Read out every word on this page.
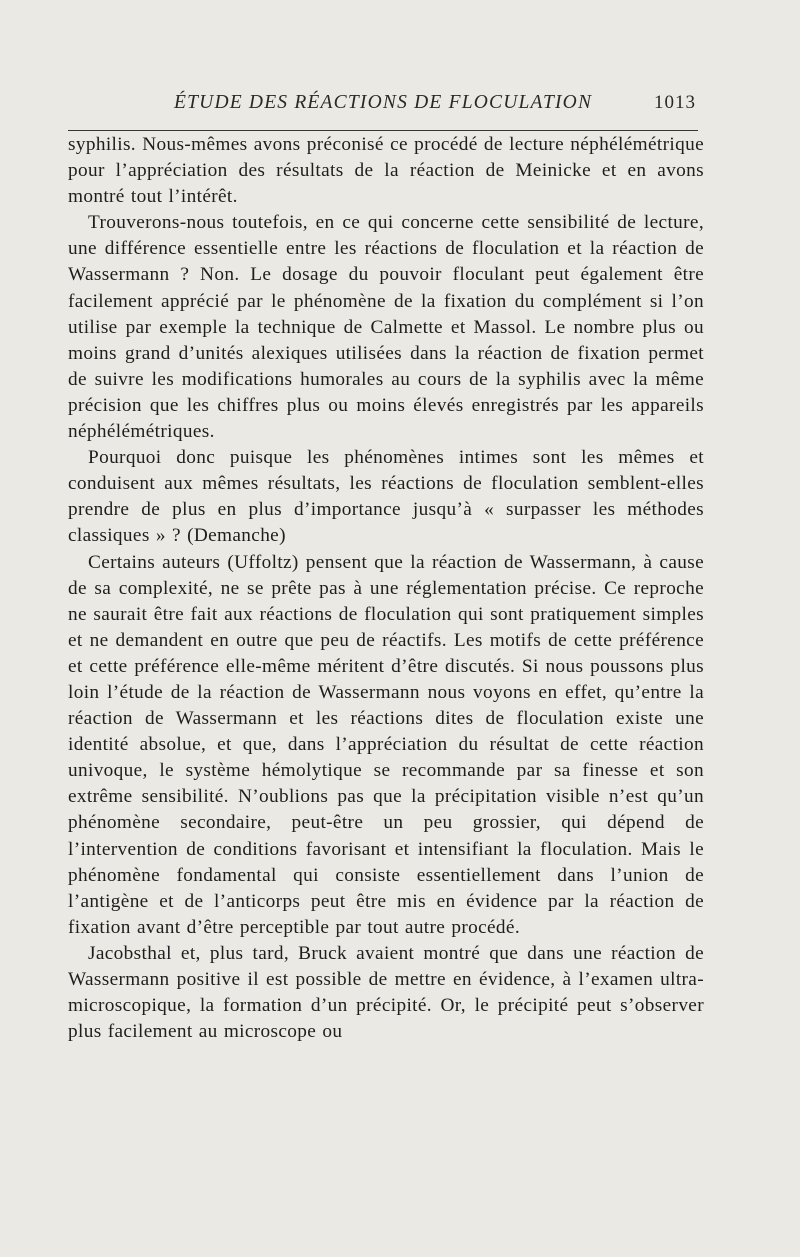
ÉTUDE DES RÉACTIONS DE FLOCULATION	1013

syphilis. Nous-mêmes avons préconisé ce procédé de lecture néphélémétrique pour l’appréciation des résultats de la réaction de Meinicke et en avons montré tout l’intérêt.

Trouverons-nous toutefois, en ce qui concerne cette sensibilité de lecture, une différence essentielle entre les réactions de floculation et la réaction de Wassermann ? Non. Le dosage du pouvoir floculant peut également être facilement apprécié par le phénomène de la fixation du complément si l’on utilise par exemple la technique de Calmette et Massol. Le nombre plus ou moins grand d’unités alexiques utilisées dans la réaction de fixation permet de suivre les modifications humorales au cours de la syphilis avec la même précision que les chiffres plus ou moins élevés enregistrés par les appareils néphélémétriques.

Pourquoi donc puisque les phénomènes intimes sont les mêmes et conduisent aux mêmes résultats, les réactions de floculation semblent-elles prendre de plus en plus d’importance jusqu’à « surpasser les méthodes classiques » ? (Demanche)

Certains auteurs (Uffoltz) pensent que la réaction de Wassermann, à cause de sa complexité, ne se prête pas à une réglementation précise. Ce reproche ne saurait être fait aux réactions de floculation qui sont pratiquement simples et ne demandent en outre que peu de réactifs. Les motifs de cette préférence et cette préférence elle-même méritent d’être discutés. Si nous poussons plus loin l’étude de la réaction de Wassermann nous voyons en effet, qu’entre la réaction de Wassermann et les réactions dites de floculation existe une identité absolue, et que, dans l’appréciation du résultat de cette réaction univoque, le système hémolytique se recommande par sa finesse et son extrême sensibilité. N’oublions pas que la précipitation visible n’est qu’un phénomène secondaire, peut-être un peu grossier, qui dépend de l’intervention de conditions favorisant et intensifiant la floculation. Mais le phénomène fondamental qui consiste essentiellement dans l’union de l’antigène et de l’anticorps peut être mis en évidence par la réaction de fixation avant d’être perceptible par tout autre procédé.

Jacobsthal et, plus tard, Bruck avaient montré que dans une réaction de Wassermann positive il est possible de mettre en évidence, à l’examen ultra-microscopique, la formation d’un précipité. Or, le précipité peut s’observer plus facilement au microscope ou
